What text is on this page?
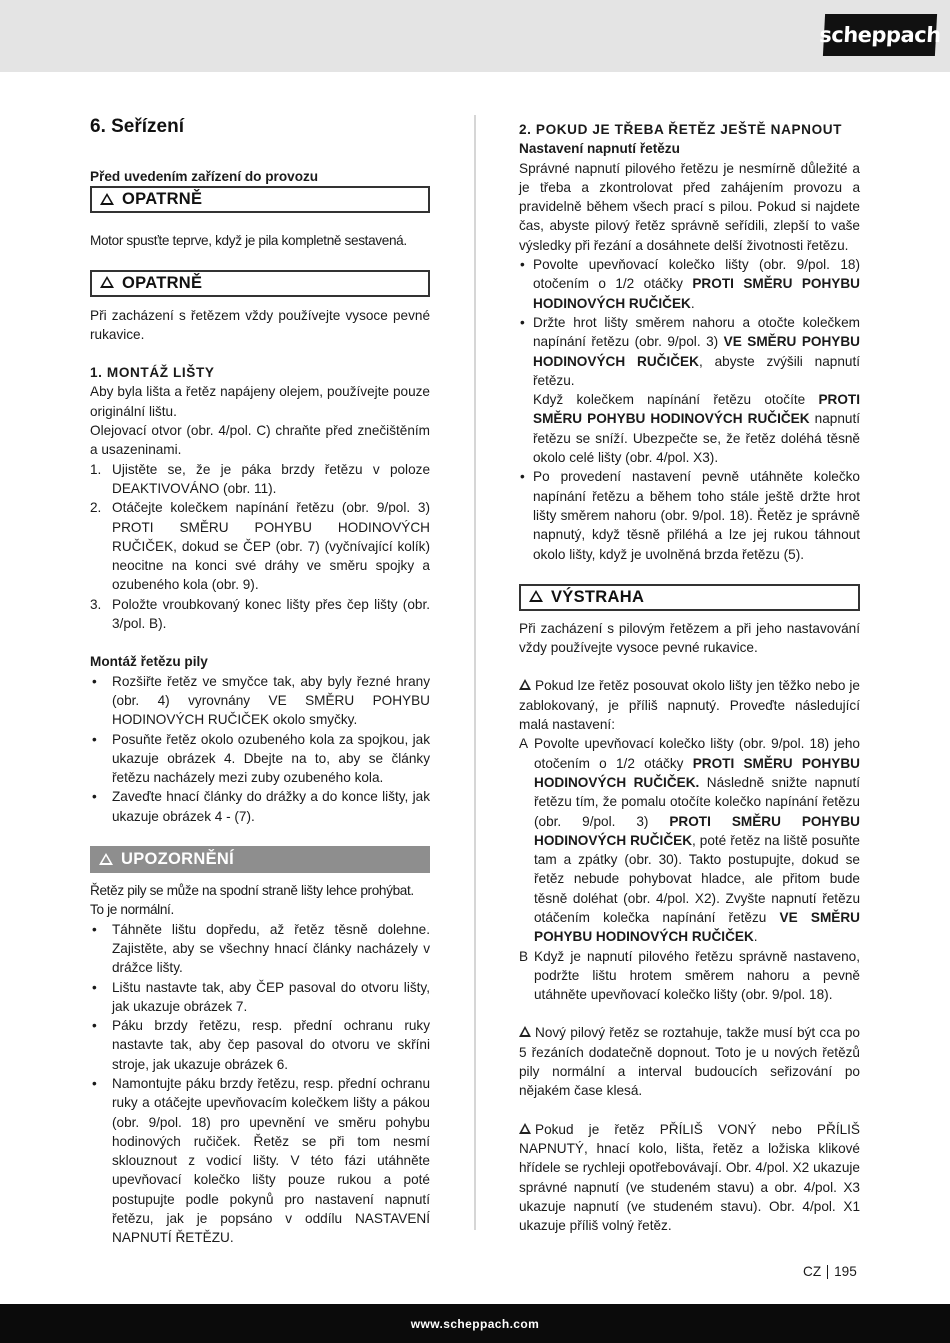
scheppach
6. Seřízení
Před uvedením zařízení do provozu
OPATRNĚ

Motor spusťte teprve, když je pila kompletně sestavená.

OPATRNĚ

Při zacházení s řetězem vždy používejte vysoce pevné rukavice.

1. MONTÁŽ LIŠTY

Aby byla lišta a řetěz napájeny olejem, používejte pouze originální lištu.

Olejovací otvor (obr. 4/pol. C) chraňte před znečištěním a usazeninami.

1. Ujistěte se, že je páka brzdy řetězu v poloze DEAKTIVOVÁNO (obr. 11).
2. Otáčejte kolečkem napínání řetězu (obr. 9/pol. 3) PROTI SMĚRU POHYBU HODINOVÝCH RUČIČEK, dokud se ČEP (obr. 7) (vyčnívající kolík) neocitne na konci své dráhy ve směru spojky a ozubeného kola (obr. 9).
3. Položte vroubkovaný konec lišty přes čep lišty (obr. 3/pol. B).
Montáž řetězu pily
• Rozšiřte řetěz ve smyčce tak, aby byly řezné hrany (obr. 4) vyrovnány VE SMĚRU POHYBU HODINOVÝCH RUČIČEK okolo smyčky.
• Posuňte řetěz okolo ozubeného kola za spojkou, jak ukazuje obrázek 4. Dbejte na to, aby se články řetězu nacházely mezi zuby ozubeného kola.
• Zaveďte hnací články do drážky a do konce lišty, jak ukazuje obrázek 4 - (7).
UPOZORNĚNÍ

Řetěz pily se může na spodní straně lišty lehce prohýbat. To je normální.

• Táhněte lištu dopředu, až řetěz těsně dolehne. Zajistěte, aby se všechny hnací články nacházely v drážce lišty.
• Lištu nastavte tak, aby ČEP pasoval do otvoru lišty, jak ukazuje obrázek 7.
• Páku brzdy řetězu, resp. přední ochranu ruky nastavte tak, aby čep pasoval do otvoru ve skříni stroje, jak ukazuje obrázek 6.
• Namontujte páku brzdy řetězu, resp. přední ochranu ruky a otáčejte upevňovacím kolečkem lišty a pákou (obr. 9/pol. 18) pro upevnění ve směru pohybu hodinových ručiček. Řetěz se při tom nesmí sklouznout z vodicí lišty. V této fázi utáhněte upevňovací kolečko lišty pouze rukou a poté postupujte podle pokynů pro nastavení napnutí řetězu, jak je popsáno v oddílu NASTAVENÍ NAPNUTÍ ŘETĚZU.
2. POKUD JE TŘEBA ŘETĚZ JEŠTĚ NAPNOUT
Nastavení napnutí řetězu

Správné napnutí pilového řetězu je nesmírně důležité a je třeba a zkontrolovat před zahájením provozu a pravidelně během všech prací s pilou. Pokud si najdete čas, abyste pilový řetěz správně seřídili, zlepší to vaše výsledky při řezání a dosáhnete delší životnosti řetězu.

• Povolte upevňovací kolečko lišty (obr. 9/pol. 18) otočením o 1/2 otáčky PROTI SMĚRU POHYBU HODINOVÝCH RUČIČEK.
• Držte hrot lišty směrem nahoru a otočte kolečkem napínání řetězu (obr. 9/pol. 3) VE SMĚRU POHYBU HODINOVÝCH RUČIČEK, abyste zvýšili napnutí řetězu.
Když kolečkem napínání řetězu otočíte PROTI SMĚRU POHYBU HODINOVÝCH RUČIČEK napnutí řetězu se sníží. Ubezpečte se, že řetěz doléhá těsně okolo celé lišty (obr. 4/pol. X3).
• Po provedení nastavení pevně utáhněte kolečko napínání řetězu a během toho stále ještě držte hrot lišty směrem nahoru (obr. 9/pol. 18). Řetěz je správně napnutý, když těsně přiléhá a lze jej rukou táhnout okolo lišty, když je uvolněná brzda řetězu (5).
VÝSTRAHA

Při zacházení s pilovým řetězem a při jeho nastavování vždy používejte vysoce pevné rukavice.

Pokud lze řetěz posouvat okolo lišty jen těžko nebo je zablokovaný, je příliš napnutý. Proveďte následující malá nastavení:

A Povolte upevňovací kolečko lišty (obr. 9/pol. 18) jeho otočením o 1/2 otáčky PROTI SMĚRU POHYBU HODINOVÝCH RUČIČEK. Následně snižte napnutí řetězu tím, že pomalu otočíte kolečko napínání řetězu (obr. 9/pol. 3) PROTI SMĚRU POHYBU HODINOVÝCH RUČIČEK, poté řetěz na liště posuňte tam a zpátky (obr. 30). Takto postupujte, dokud se řetěz nebude pohybovat hladce, ale přitom bude těsně doléhat (obr. 4/pol. X2). Zvyšte napnutí řetězu otáčením kolečka napínání řetězu VE SMĚRU POHYBU HODINOVÝCH RUČIČEK.
B Když je napnutí pilového řetězu správně nastaveno, podržte lištu hrotem směrem nahoru a pevně utáhněte upevňovací kolečko lišty (obr. 9/pol. 18).

Nový pilový řetěz se roztahuje, takže musí být cca po 5 řezáních dodatečně dopnout. Toto je u nových řetězů pily normální a interval budoucích seřizování po nějakém čase klesá.

Pokud je řetěz PŘÍLIŠ VONÝ nebo PŘÍLIŠ NAPNUTÝ, hnací kolo, lišta, řetěz a ložiska klikové hřídele se rychleji opotřebovávají. Obr. 4/pol. X2 ukazuje správné napnutí (ve studeném stavu) a obr. 4/pol. X3 ukazuje napnutí (ve studeném stavu). Obr. 4/pol. X1 ukazuje příliš volný řetěz.

CZ 195
www.scheppach.com
